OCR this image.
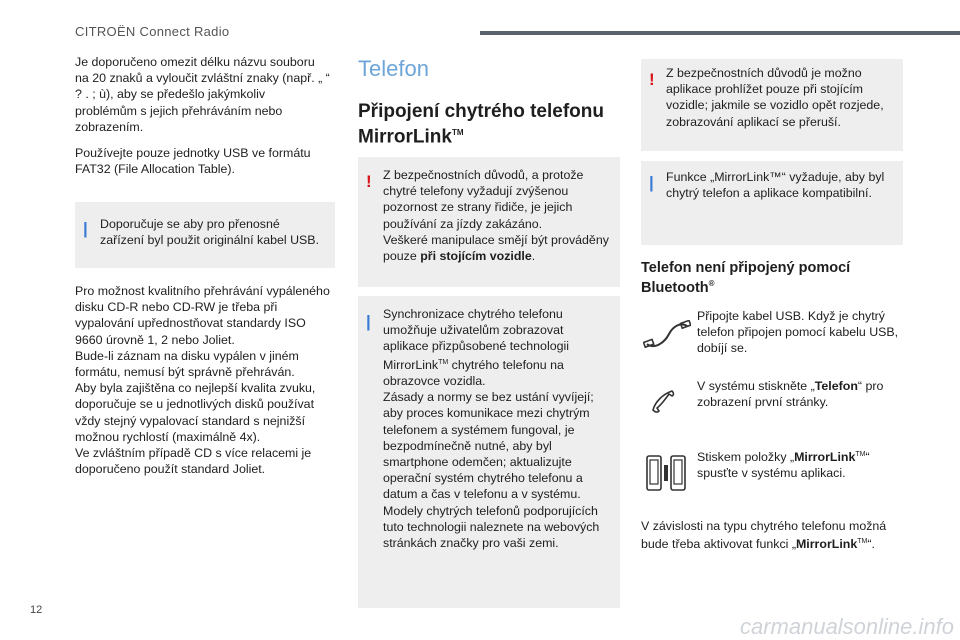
CITROËN Connect Radio

Je doporučeno omezit délku názvu souboru na 20 znaků a vyloučit zvláštní znaky (např. „ “ ? . ; ù), aby se předešlo jakýmkoliv problémům s jejich přehráváním nebo zobrazením.

Používejte pouze jednotky USB ve formátu FAT32 (File Allocation Table).

| Doporučuje se aby pro přenosné zařízení byl použit originální kabel USB.
Pro možnost kvalitního přehrávání vypáleného disku CD-R nebo CD-RW je třeba při vypalování upřednostňovat standardy ISO 9660 úrovně 1, 2 nebo Joliet.
Bude-li záznam na disku vypálen v jiném formátu, nemusí být správně přehráván.
Aby byla zajištěna co nejlepší kvalita zvuku, doporučuje se u jednotlivých disků používat vždy stejný vypalovací standard s nejnižší možnou rychlostí (maximálně 4x).
Ve zvláštním případě CD s více relacemi je doporučeno použít standard Joliet.
Telefon
Připojení chytrého telefonu MirrorLink™
! Z bezpečnostních důvodů, a protože chytré telefony vyžadují zvýšenou pozornost ze strany řidiče, je jejich používání za jízdy zakázáno.
Veškeré manipulace smějí být prováděny pouze při stojícím vozidle.
| Synchronizace chytrého telefonu umožňuje uživatelům zobrazovat aplikace přizpůsobené technologii MirrorLink™ chytrého telefonu na obrazovce vozidla.
Zásady a normy se bez ustání vyvíjejí; aby proces komunikace mezi chytrým telefonem a systémem fungoval, je bezpodmínečně nutné, aby byl smartphone odemčen; aktualizujte operační systém chytrého telefonu a datum a čas v telefonu a v systému.
Modely chytrých telefonů podporujících tuto technologii naleznete na webových stránkách značky pro vaši zemi.
! Z bezpečnostních důvodů je možno aplikace prohlížet pouze při stojícím vozidle; jakmile se vozidlo opět rozjede, zobrazování aplikací se přeruší.
| Funkce „MirrorLink™“ vyžaduje, aby byl chytrý telefon a aplikace kompatibilní.
Telefon není připojený pomocí Bluetooth®

Připojte kabel USB. Když je chytrý telefon připojen pomocí kabelu USB, dobíjí se.

V systému stiskněte „Telefon“ pro zobrazení první stránky.

Stiskem položky „MirrorLink™“ spusťte v systému aplikaci.

V závislosti na typu chytrého telefonu možná bude třeba aktivovat funkci „MirrorLink™“.

12
carmanualsonline.info
